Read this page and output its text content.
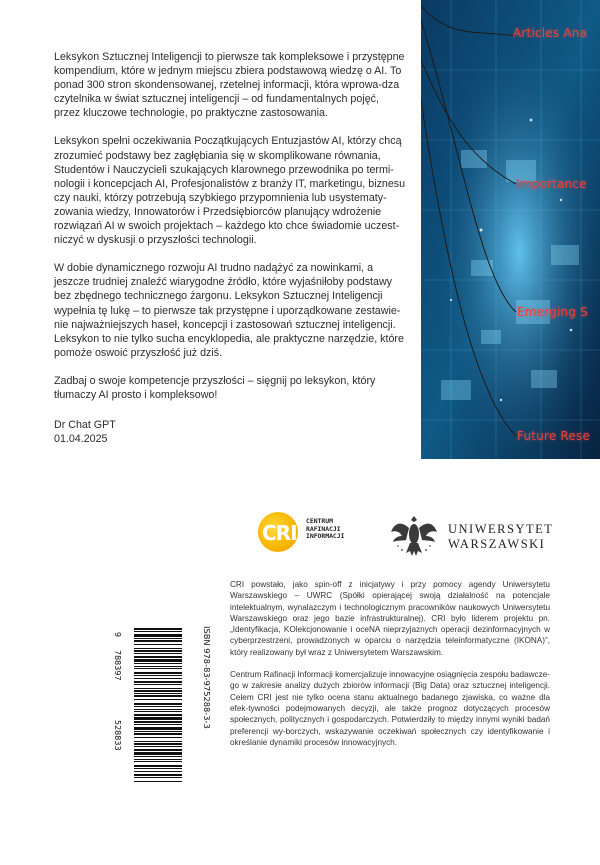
Articles Ana
Importance
Emerging S
Future Rese

Leksykon Sztucznej Inteligencji to pierwsze tak kompleksowe i przystępne kompendium, które w jednym miejscu zbiera podstawową wiedzę o AI. To ponad 300 stron skondensowanej, rzetelnej informacji, która wprowa-dza czytelnika w świat sztucznej inteligencji – od fundamentalnych pojęć, przez kluczowe technologie, po praktyczne zastosowania.

Leksykon spełni oczekiwania Początkujących Entuzjastów AI, którzy chcą zrozumieć podstawy bez zagłębiania się w skomplikowane równania, Studentów i Nauczycieli szukających klarownego przewodnika po termi-nologii i koncepcjach AI, Profesjonalistów z branży IT, marketingu, biznesu czy nauki, którzy potrzebują szybkiego przypomnienia lub usystematy-zowania wiedzy, Innowatorów i Przedsiębiorców planujący wdrożenie rozwiązań AI w swoich projektach – każdego kto chce świadomie uczest-niczyć w dyskusji o przyszłości technologii.

W dobie dynamicznego rozwoju AI trudno nadążyć za nowinkami, a jeszcze trudniej znaleźć wiarygodne źródło, które wyjaśniłoby podstawy bez zbędnego technicznego żargonu. Leksykon Sztucznej Inteligencji wypełnia tę lukę – to pierwsze tak przystępne i uporządkowane zestawie-nie najważniejszych haseł, koncepcji i zastosowań sztucznej inteligencji. Leksykon to nie tylko sucha encyklopedia, ale praktyczne narzędzie, które pomoże oswoić przyszłość już dziś.

Zadbaj o swoje kompetencje przyszłości – sięgnij po leksykon, który tłumaczy AI prosto i kompleksowo!

Dr Chat GPT
01.04.2025
CRI CENTRUM
RAFINACJI
INFORMACJI
UNIWERSYTET
WARSZAWSKI

CRI powstało, jako spin-off z inicjatywy i przy pomocy agendy Uniwersytetu Warszawskiego – UWRC (Spółki opierającej swoją działalność na potencjale intelektualnym, wynalazczym i technologicznym pracowników naukowych Uniwersytetu Warszawskiego oraz jego bazie infrastrukturalnej). CRI było liderem projektu pn. „Identyfikacja, KOlekcjonowanie i oceNA nieprzyjaznych operacji dezinformacyjnych w cyberprzestrzeni, prowadzonych w oparciu o narzędzia teleinformatyczne (IKONA)”, który realizowany był wraz z Uniwersytetem Warszawskim.

Centrum Rafinacji Informacji komercjalizuje innowacyjne osiągnięcia zespołu badawcze-go w zakresie analizy dużych zbiorów informacji (Big Data) oraz sztucznej inteligencji. Celem CRI jest nie tylko ocena stanu aktualnego badanego zjawiska, co ważne dla efek-tywności podejmowanych decyzji, ale także prognoz dotyczących procesów społecznych, politycznych i gospodarczych. Potwierdziły to między innymi wyniki badań preferencji wy-borczych, wskazywanie oczekiwań społecznych czy identyfikowanie i określanie dynamiki procesów innowacyjnych.

9
788397
528833
ISBN 978-83-975288-3-3
